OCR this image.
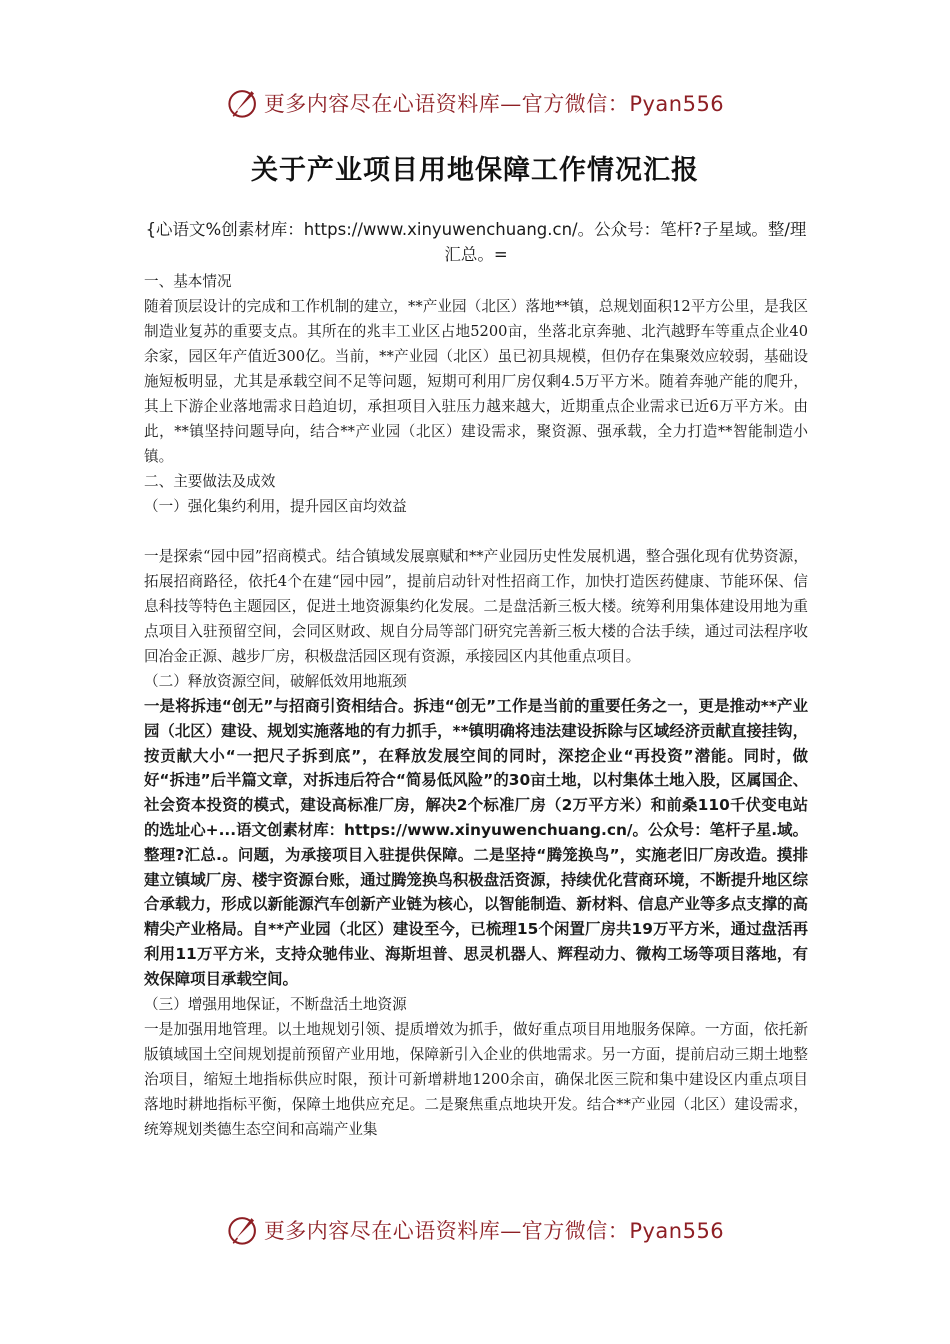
更多内容尽在心语资料库—官方微信：Pyan556
关于产业项目用地保障工作情况汇报
{心语文%创素材库：https://www.xinyuwenchuang.cn/。公众号：笔杆?子星域。整/理汇总。=

一、基本情况

随着顶层设计的完成和工作机制的建立，**产业园（北区）落地**镇，总规划面积12平方公里，是我区制造业复苏的重要支点。其所在的兆丰工业区占地5200亩，坐落北京奔驰、北汽越野车等重点企业40余家，园区年产值近300亿。当前，**产业园（北区）虽已初具规模，但仍存在集聚效应较弱，基础设施短板明显，尤其是承载空间不足等问题，短期可利用厂房仅剩4.5万平方米。随着奔驰产能的爬升，其上下游企业落地需求日趋迫切，承担项目入驻压力越来越大，近期重点企业需求已近6万平方米。由此，**镇坚持问题导向，结合**产业园（北区）建设需求，聚资源、强承载，全力打造**智能制造小镇。

二、主要做法及成效

（一）强化集约利用，提升园区亩均效益

一是探索“园中园”招商模式。结合镇域发展禀赋和**产业园历史性发展机遇，整合强化现有优势资源，拓展招商路径，依托4个在建“园中园”，提前启动针对性招商工作，加快打造医药健康、节能环保、信息科技等特色主题园区，促进土地资源集约化发展。二是盘活新三板大楼。统筹利用集体建设用地为重点项目入驻预留空间，会同区财政、规自分局等部门研究完善新三板大楼的合法手续，通过司法程序收回冶金正源、越步厂房，积极盘活园区现有资源，承接园区内其他重点项目。

（二）释放资源空间，破解低效用地瓶颈

一是将拆违“创无”与招商引资相结合。拆违“创无”工作是当前的重要任务之一，更是推动**产业园（北区）建设、规划实施落地的有力抓手，**镇明确将违法建设拆除与区域经济贡献直接挂钩，按贡献大小“一把尺子拆到底”，在释放发展空间的同时，深挖企业“再投资”潜能。同时，做好“拆违”后半篇文章，对拆违后符合“简易低风险”的30亩土地，以村集体土地入股，区属国企、社会资本投资的模式，建设高标准厂房，解决2个标准厂房（2万平方米）和前桑110千伏变电站的选址心+...语文创素材库：https://www.xinyuwenchuang.cn/。公众号：笔杆子星.域。整理?汇总.。问题，为承接项目入驻提供保障。二是坚持“腾笼换鸟”，实施老旧厂房改造。摸排建立镇域厂房、楼宇资源台账，通过腾笼换鸟积极盘活资源，持续优化营商环境，不断提升地区综合承载力，形成以新能源汽车创新产业链为核心，以智能制造、新材料、信息产业等多点支撑的高精尖产业格局。自**产业园（北区）建设至今，已梳理15个闲置厂房共19万平方米，通过盘活再利用11万平方米，支持众驰伟业、海斯坦普、思灵机器人、辉程动力、微构工场等项目落地，有效保障项目承载空间。

（三）增强用地保证，不断盘活土地资源

一是加强用地管理。以土地规划引领、提质增效为抓手，做好重点项目用地服务保障。一方面，依托新版镇域国土空间规划提前预留产业用地，保障新引入企业的供地需求。另一方面，提前启动三期土地整治项目，缩短土地指标供应时限，预计可新增耕地1200余亩，确保北医三院和集中建设区内重点项目落地时耕地指标平衡，保障土地供应充足。二是聚焦重点地块开发。结合**产业园（北区）建设需求，统筹规划类德生态空间和高端产业集

更多内容尽在心语资料库—官方微信：Pyan556
